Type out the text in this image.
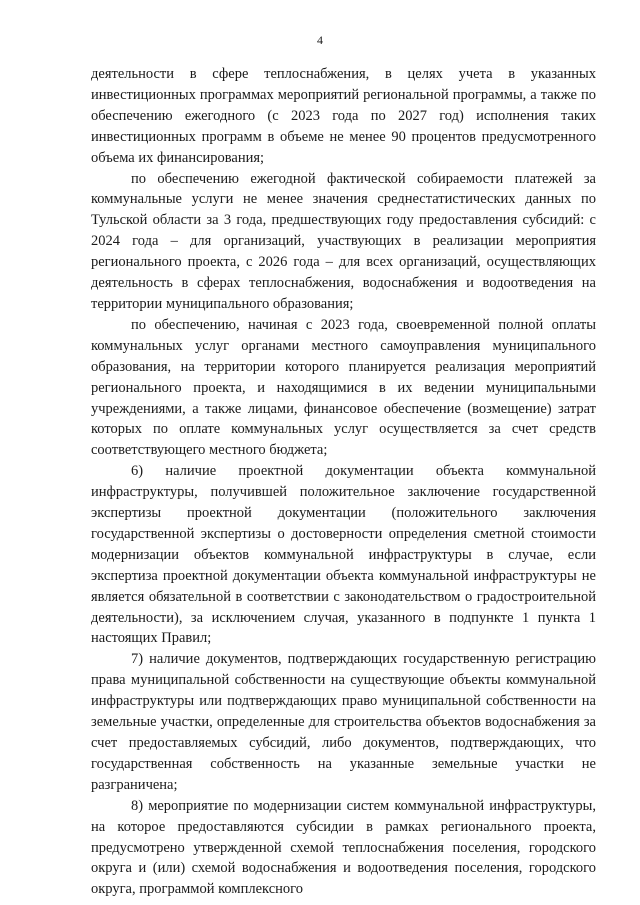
4

деятельности в сфере теплоснабжения, в целях учета в указанных инвестиционных программах мероприятий региональной программы, а также по обеспечению ежегодного (с 2023 года по 2027 год) исполнения таких инвестиционных программ в объеме не менее 90 процентов предусмотренного объема их финансирования;

по обеспечению ежегодной фактической собираемости платежей за коммунальные услуги не менее значения среднестатистических данных по Тульской области за 3 года, предшествующих году предоставления субсидий: с 2024 года – для организаций, участвующих в реализации мероприятия регионального проекта, с 2026 года – для всех организаций, осуществляющих деятельность в сферах теплоснабжения, водоснабжения и водоотведения на территории муниципального образования;

по обеспечению, начиная с 2023 года, своевременной полной оплаты коммунальных услуг органами местного самоуправления муниципального образования, на территории которого планируется реализация мероприятий регионального проекта, и находящимися в их ведении муниципальными учреждениями, а также лицами, финансовое обеспечение (возмещение) затрат которых по оплате коммунальных услуг осуществляется за счет средств соответствующего местного бюджета;

6) наличие проектной документации объекта коммунальной инфраструктуры, получившей положительное заключение государственной экспертизы проектной документации (положительного заключения государственной экспертизы о достоверности определения сметной стоимости модернизации объектов коммунальной инфраструктуры в случае, если экспертиза проектной документации объекта коммунальной инфраструктуры не является обязательной в соответствии с законодательством о градостроительной деятельности), за исключением случая, указанного в подпункте 1 пункта 1 настоящих Правил;

7) наличие документов, подтверждающих государственную регистрацию права муниципальной собственности на существующие объекты коммунальной инфраструктуры или подтверждающих право муниципальной собственности на земельные участки, определенные для строительства объектов водоснабжения за счет предоставляемых субсидий, либо документов, подтверждающих, что государственная собственность на указанные земельные участки не разграничена;

8) мероприятие по модернизации систем коммунальной инфраструктуры, на которое предоставляются субсидии в рамках регионального проекта, предусмотрено утвержденной схемой теплоснабжения поселения, городского округа и (или) схемой водоснабжения и водоотведения поселения, городского округа, программой комплексного
